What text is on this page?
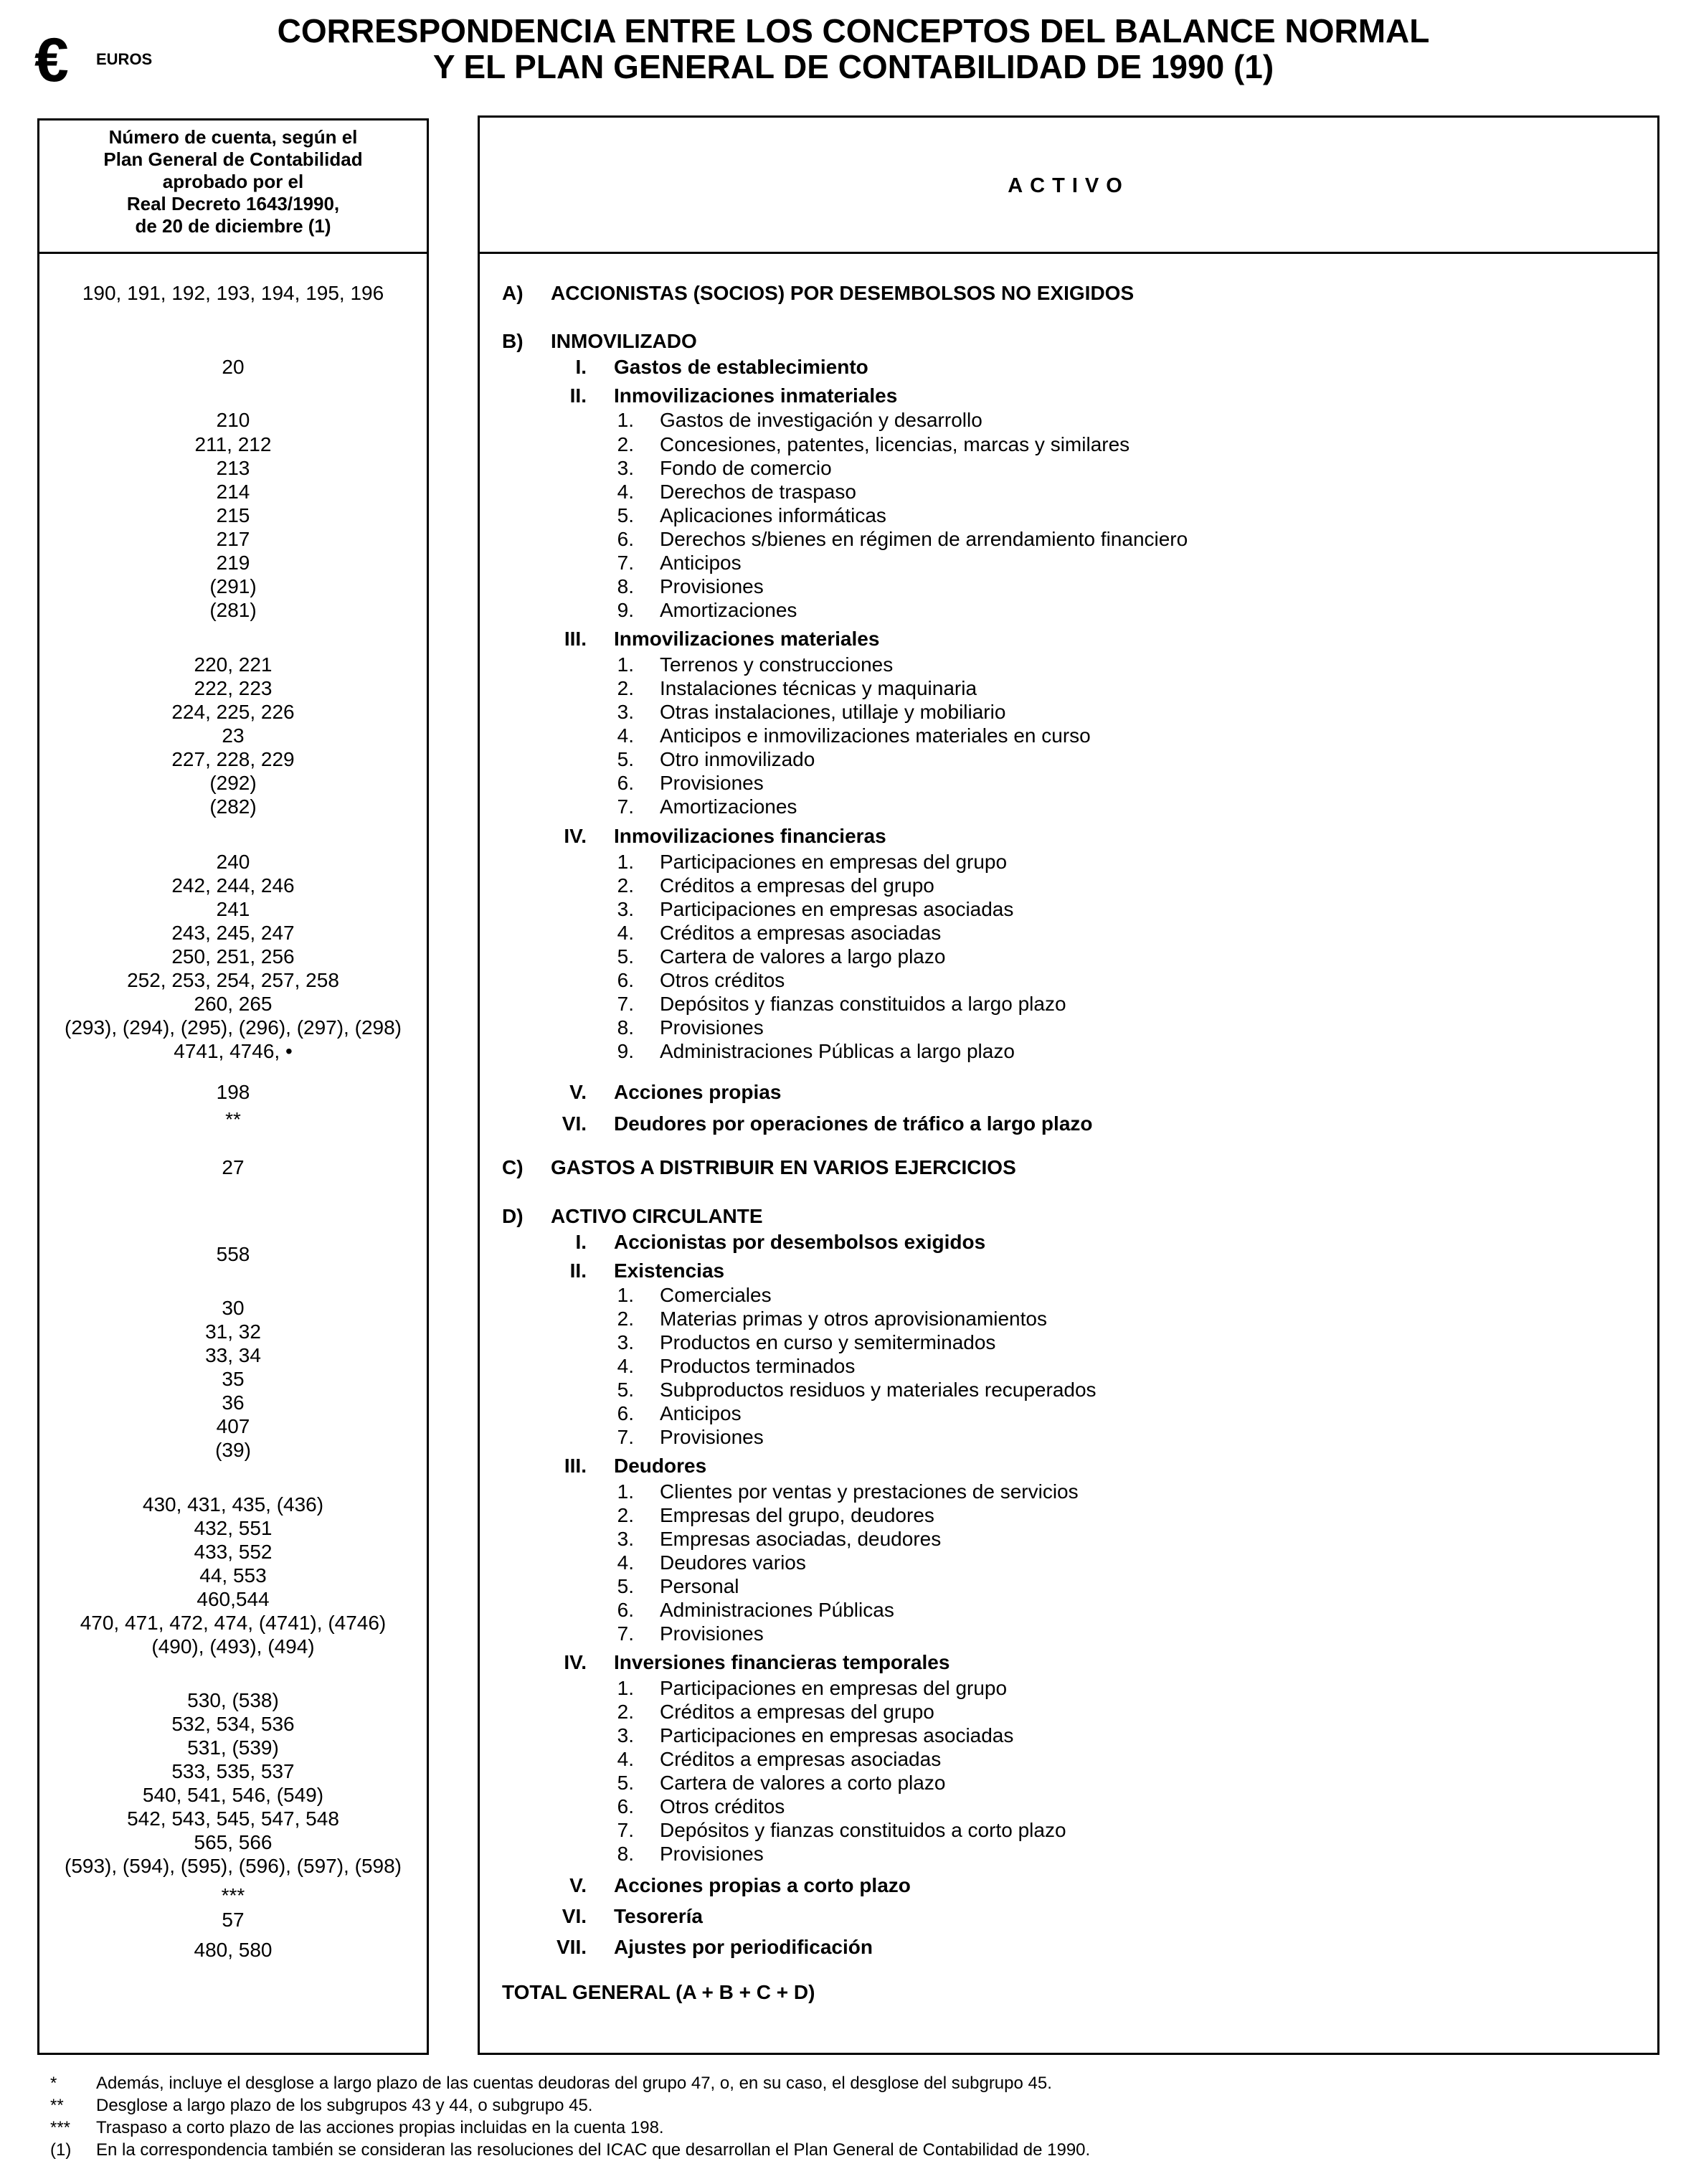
€ EUROS
CORRESPONDENCIA ENTRE LOS CONCEPTOS DEL BALANCE NORMAL
Y EL PLAN GENERAL DE CONTABILIDAD DE 1990 (1)
Número de cuenta, según el
Plan General de Contabilidad
aprobado por el
Real Decreto 1643/1990,
de 20 de diciembre (1)
ACTIVO
190, 191, 192, 193, 194, 195, 196
20
210
211, 212
213
214
215
217
219
(291)
(281)
220, 221
222, 223
224, 225, 226
23
227, 228, 229
(292)
(282)
240
242, 244, 246
241
243, 245, 247
250, 251, 256
252, 253, 254, 257, 258
260, 265
(293), (294), (295), (296), (297), (298)
4741, 4746, •
198
**
27
558
30
31, 32
33, 34
35
36
407
(39)
430, 431, 435, (436)
432, 551
433, 552
44, 553
460,544
470, 471, 472, 474, (4741), (4746)
(490), (493), (494)
530, (538)
532, 534, 536
531, (539)
533, 535, 537
540, 541, 546, (549)
542, 543, 545, 547, 548
565, 566
(593), (594), (595), (596), (597), (598)
***
57
480, 580
A) ACCIONISTAS (SOCIOS) POR DESEMBOLSOS NO EXIGIDOS
B) INMOVILIZADO
I. Gastos de establecimiento
II. Inmovilizaciones inmateriales
1. Gastos de investigación y desarrollo
2. Concesiones, patentes, licencias, marcas y similares
3. Fondo de comercio
4. Derechos de traspaso
5. Aplicaciones informáticas
6. Derechos s/bienes en régimen de arrendamiento financiero
7. Anticipos
8. Provisiones
9. Amortizaciones
III. Inmovilizaciones materiales
1. Terrenos y construcciones
2. Instalaciones técnicas y maquinaria
3. Otras instalaciones, utillaje y mobiliario
4. Anticipos e inmovilizaciones materiales en curso
5. Otro inmovilizado
6. Provisiones
7. Amortizaciones
IV. Inmovilizaciones financieras
1. Participaciones en empresas del grupo
2. Créditos a empresas del grupo
3. Participaciones en empresas asociadas
4. Créditos a empresas asociadas
5. Cartera de valores a largo plazo
6. Otros créditos
7. Depósitos y fianzas constituidos a largo plazo
8. Provisiones
9. Administraciones Públicas a largo plazo
V. Acciones propias
VI. Deudores por operaciones de tráfico a largo plazo
C) GASTOS A DISTRIBUIR EN VARIOS EJERCICIOS
D) ACTIVO CIRCULANTE
I. Accionistas por desembolsos exigidos
II. Existencias
1. Comerciales
2. Materias primas y otros aprovisionamientos
3. Productos en curso y semiterminados
4. Productos terminados
5. Subproductos residuos y materiales recuperados
6. Anticipos
7. Provisiones
III. Deudores
1. Clientes por ventas y prestaciones de servicios
2. Empresas del grupo, deudores
3. Empresas asociadas, deudores
4. Deudores varios
5. Personal
6. Administraciones Públicas
7. Provisiones
IV. Inversiones financieras temporales
1. Participaciones en empresas del grupo
2. Créditos a empresas del grupo
3. Participaciones en empresas asociadas
4. Créditos a empresas asociadas
5. Cartera de valores a corto plazo
6. Otros créditos
7. Depósitos y fianzas constituidos a corto plazo
8. Provisiones
V. Acciones propias a corto plazo
VI. Tesorería
VII. Ajustes por periodificación
TOTAL GENERAL (A + B + C + D)
* Además, incluye el desglose a largo plazo de las cuentas deudoras del grupo 47, o, en su caso, el desglose del subgrupo 45.
** Desglose a largo plazo de los subgrupos 43 y 44, o subgrupo 45.
*** Traspaso a corto plazo de las acciones propias incluidas en la cuenta 198.
(1) En la correspondencia también se consideran las resoluciones del ICAC que desarrollan el Plan General de Contabilidad de 1990.
